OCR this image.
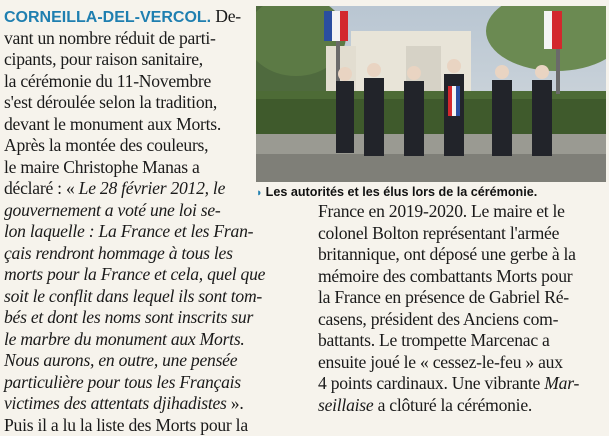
CORNEILLA-DEL-VERCOL. De-
vant un nombre réduit de parti-
cipants, pour raison sanitaire,
la cérémonie du 11-Novembre
s'est déroulée selon la tradition,
devant le monument aux Morts.
Après la montée des couleurs,
le maire Christophe Manas a
déclaré : « Le 28 février 2012, le
gouvernement a voté une loi se-
lon laquelle : La France et les Fran-
çais rendront hommage à tous les
morts pour la France et cela, quel que
soit le conflit dans lequel ils sont tom-
bés et dont les noms sont inscrits sur
le marbre du monument aux Morts.
Nous aurons, en outre, une pensée
particulière pour tous les Français
victimes des attentats djihadistes ».
Puis il a lu la liste des Morts pour la
◗ Les autorités et les élus lors de la cérémonie.
France en 2019-2020. Le maire et le
colonel Bolton représentant l'armée
britannique, ont déposé une gerbe à la
mémoire des combattants Morts pour
la France en présence de Gabriel Ré-
casens, président des Anciens com-
battants. Le trompette Marcenac a
ensuite joué le « cessez-le-feu » aux
4 points cardinaux. Une vibrante Mar-
seillaise a clôturé la cérémonie.
